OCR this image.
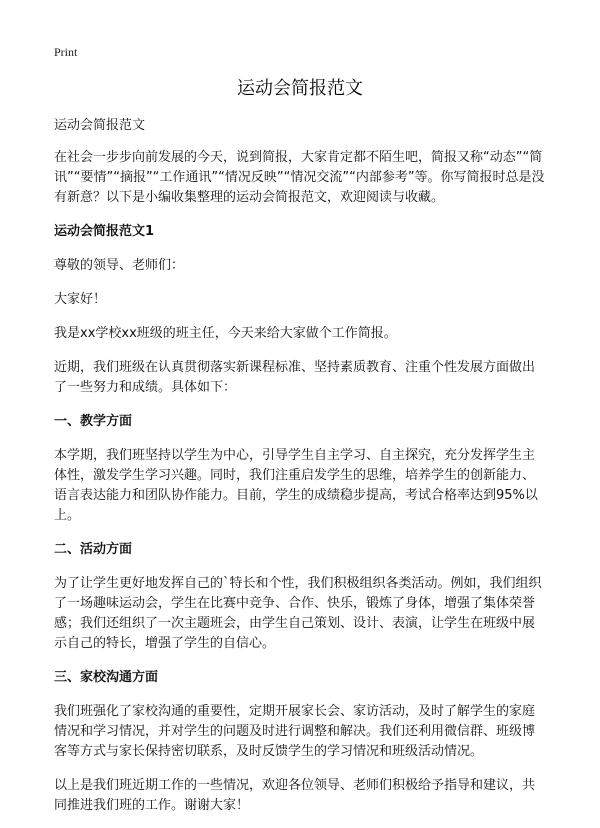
Print
运动会简报范文

运动会简报范文

在社会一步步向前发展的今天，说到简报，大家肯定都不陌生吧，简报又称“动态”“简讯”“要情”“摘报”“工作通讯”“情况反映”“情况交流”“内部参考”等。你写简报时总是没有新意？以下是小编收集整理的运动会简报范文，欢迎阅读与收藏。

运动会简报范文1

尊敬的领导、老师们：

大家好！

我是xx学校xx班级的班主任，今天来给大家做个工作简报。

近期，我们班级在认真贯彻落实新课程标准、坚持素质教育、注重个性发展方面做出了一些努力和成绩。具体如下：

一、教学方面

本学期，我们班坚持以学生为中心，引导学生自主学习、自主探究，充分发挥学生主体性，激发学生学习兴趣。同时，我们注重启发学生的思维，培养学生的创新能力、语言表达能力和团队协作能力。目前，学生的成绩稳步提高，考试合格率达到95%以上。

二、活动方面

为了让学生更好地发挥自己的`特长和个性，我们积极组织各类活动。例如，我们组织了一场趣味运动会，学生在比赛中竞争、合作、快乐，锻炼了身体，增强了集体荣誉感；我们还组织了一次主题班会，由学生自己策划、设计、表演，让学生在班级中展示自己的特长，增强了学生的自信心。

三、家校沟通方面

我们班强化了家校沟通的重要性，定期开展家长会、家访活动，及时了解学生的家庭情况和学习情况，并对学生的问题及时进行调整和解决。我们还利用微信群、班级博客等方式与家长保持密切联系，及时反馈学生的学习情况和班级活动情况。

以上是我们班近期工作的一些情况，欢迎各位领导、老师们积极给予指导和建议，共同推进我们班的工作。谢谢大家！
